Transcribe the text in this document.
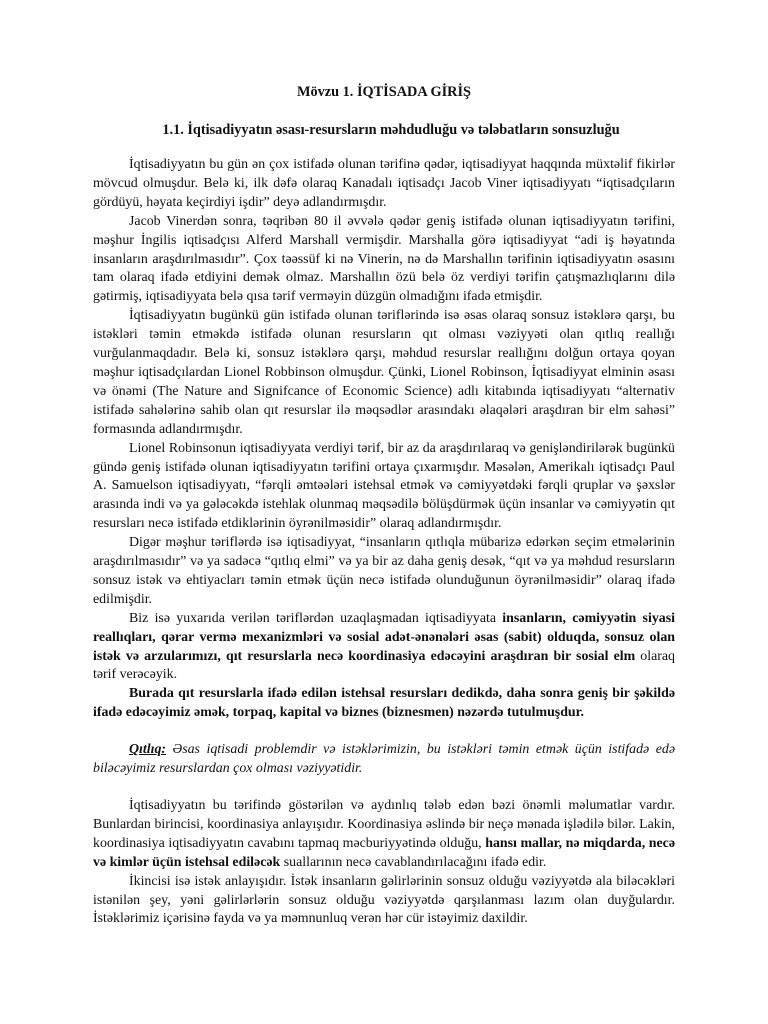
Mövzu 1. İQTİSADA GİRİŞ
1.1. İqtisadiyyatın əsası-resursların məhdudluğu və tələbatların sonsuzluğu

İqtisadiyyatın bu gün ən çox istifadə olunan tərifinə qədər, iqtisadiyyat haqqında müxtəlif fikirlər mövcud olmuşdur. Belə ki, ilk dəfə olaraq Kanadalı iqtisadçı Jacob Viner iqtisadiyyatı “iqtisadçıların gördüyü, həyata keçirdiyi işdir” deyə adlandırmışdır.

Jacob Vinerdən sonra, təqribən 80 il əvvələ qədər geniş istifadə olunan iqtisadiyyatın tərifini, məşhur İngilis iqtisadçısı Alferd Marshall vermişdir. Marshalla görə iqtisadiyyat “adi iş həyatında insanların araşdırılmasıdır”. Çox təəssüf ki nə Vinerin, nə də Marshallın tərifinin iqtisadiyyatın əsasını tam olaraq ifadə etdiyini demək olmaz. Marshallın özü belə öz verdiyi tərifin çatışmazlıqlarını dilə gətirmiş, iqtisadiyyata belə qısa tərif verməyin düzgün olmadığını ifadə etmişdir.

İqtisadiyyatın bugünkü gün istifadə olunan təriflərində isə əsas olaraq sonsuz istəklərə qarşı, bu istəkləri təmin etməkdə istifadə olunan resursların qıt olması vəziyyəti olan qıtlıq reallığı vurğulanmaqdadır. Belə ki, sonsuz istəklərə qarşı, məhdud resurslar reallığını dolğun ortaya qoyan məşhur iqtisadçılardan Lionel Robbinson olmuşdur. Çünki, Lionel Robinson, İqtisadiyyat elminin əsası və önəmi (The Nature and Signifcance of Economic Science) adlı kitabında iqtisadiyyatı “alternativ istifadə sahələrinə sahib olan qıt resurslar ilə məqsədlər arasındakı əlaqələri araşdıran bir elm sahəsi” formasında adlandırmışdır.

Lionel Robinsonun iqtisadiyyata verdiyi tərif, bir az da araşdırılaraq və genişləndirilərək bugünkü gündə geniş istifadə olunan iqtisadiyyatın tərifini ortaya çıxarmışdır. Məsələn, Amerikalı iqtisadçı Paul A. Samuelson iqtisadiyyatı, “fərqli əmtəələri istehsal etmək və cəmiyyətdəki fərqli qruplar və şəxslər arasında indi və ya gələcəkdə istehlak olunmaq məqsədilə bölüşdürmək üçün insanlar və cəmiyyətin qıt resursları necə istifadə etdiklərinin öyrənilməsidir” olaraq adlandırmışdır.

Digər məşhur təriflərdə isə iqtisadiyyat, “insanların qıtlıqla mübarizə edərkən seçim etmələrinin araşdırılmasıdır” və ya sadəcə “qıtlıq elmi” və ya bir az daha geniş desək, “qıt və ya məhdud resursların sonsuz istək və ehtiyacları təmin etmək üçün necə istifadə olunduğunun öyrənilməsidir” olaraq ifadə edilmişdir.

Biz isə yuxarıda verilən təriflərdən uzaqlaşmadan iqtisadiyyata insanların, cəmiyyətin siyasi reallıqları, qərar vermə mexanizmləri və sosial adət-ənənələri əsas (sabit) olduqda, sonsuz olan istək və arzularımızı, qıt resurslarla necə koordinasiya edəcəyini araşdıran bir sosial elm olaraq tərif verəcəyik.

Burada qıt resurslarla ifadə edilən istehsal resursları dedikdə, daha sonra geniş bir şəkildə ifadə edəcəyimiz əmək, torpaq, kapital və biznes (biznesmen) nəzərdə tutulmuşdur.

Qıtlıq: Əsas iqtisadi problemdir və istəklərimizin, bu istəkləri təmin etmək üçün istifadə edə biləcəyimiz resurslardan çox olması vəziyyətidir.

İqtisadiyyatın bu tərifində göstərilən və aydınlıq tələb edən bəzi önəmli məlumatlar vardır. Bunlardan birincisi, koordinasiya anlayışıdır. Koordinasiya əslində bir neçə mənada işlədilə bilər. Lakin, koordinasiya iqtisadiyyatın cavabını tapmaq məcburiyyətində olduğu, hansı mallar, nə miqdarda, necə və kimlər üçün istehsal ediləcək suallarının necə cavablandırılacağını ifadə edir.

İkincisi isə istək anlayışıdır. İstək insanların gəlirlərinin sonsuz olduğu vəziyyətdə ala biləcəkləri istənilən şey, yəni gəlirlərlərin sonsuz olduğu vəziyyətdə qarşılanması lazım olan duyğulardır. İstəklərimiz içərisinə fayda və ya məmnunluq verən hər cür istəyimiz daxildir.
